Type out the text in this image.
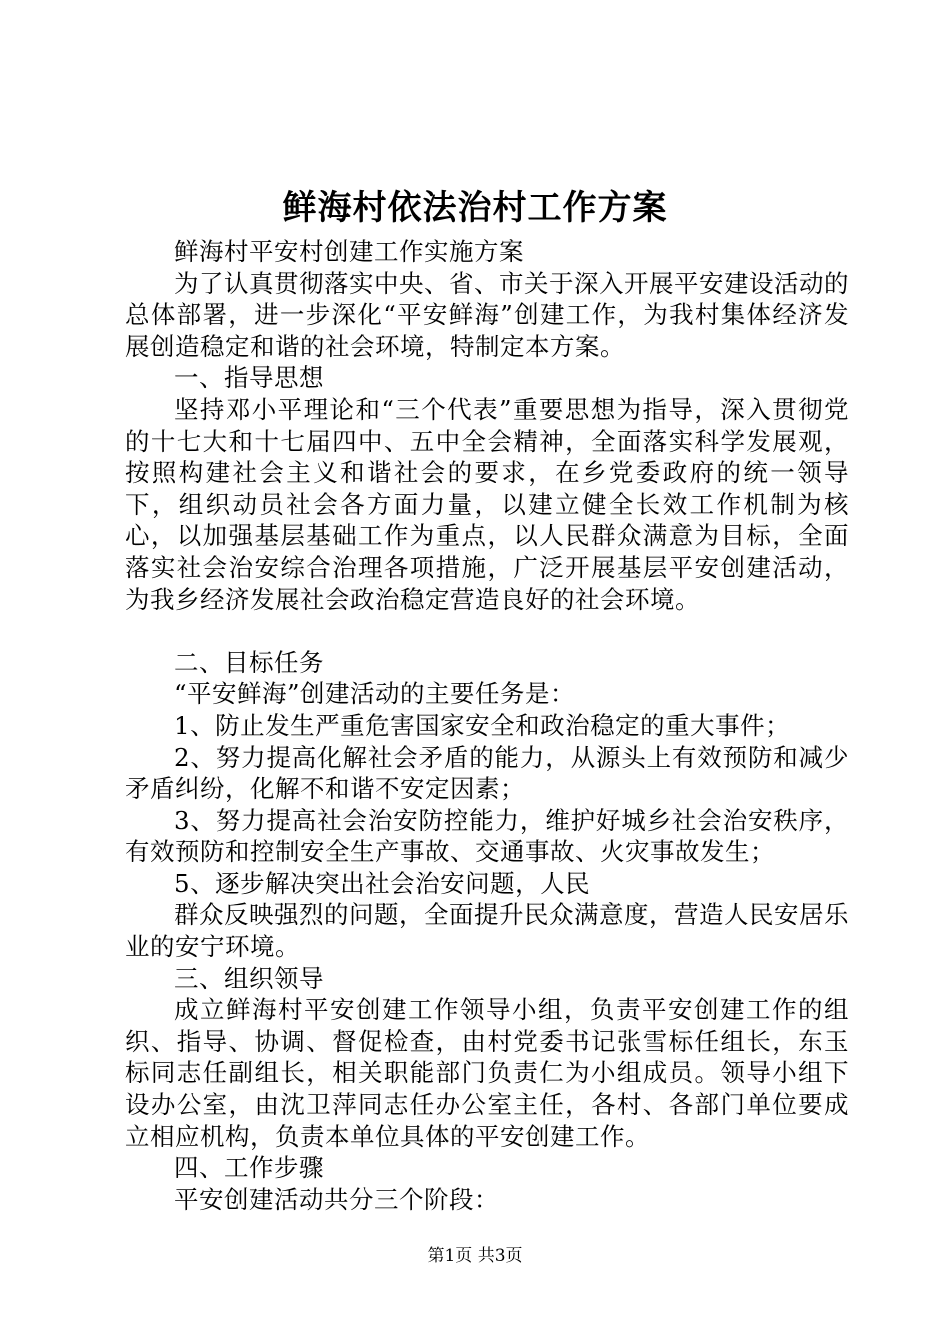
鲜海村依法治村工作方案

鲜海村平安村创建工作实施方案

为了认真贯彻落实中央、省、市关于深入开展平安建设活动的总体部署，进一步深化“平安鲜海”创建工作，为我村集体经济发展创造稳定和谐的社会环境，特制定本方案。

一、指导思想

坚持邓小平理论和“三个代表”重要思想为指导，深入贯彻党的十七大和十七届四中、五中全会精神，全面落实科学发展观，按照构建社会主义和谐社会的要求，在乡党委政府的统一领导下，组织动员社会各方面力量，以建立健全长效工作机制为核心，以加强基层基础工作为重点，以人民群众满意为目标，全面落实社会治安综合治理各项措施，广泛开展基层平安创建活动，为我乡经济发展社会政治稳定营造良好的社会环境。

二、目标任务

“平安鲜海”创建活动的主要任务是：

1、防止发生严重危害国家安全和政治稳定的重大事件；

2、努力提高化解社会矛盾的能力，从源头上有效预防和减少矛盾纠纷，化解不和谐不安定因素；

3、努力提高社会治安防控能力，维护好城乡社会治安秩序，有效预防和控制安全生产事故、交通事故、火灾事故发生；

5、逐步解决突出社会治安问题，人民

群众反映强烈的问题，全面提升民众满意度，营造人民安居乐业的安宁环境。

三、组织领导

成立鲜海村平安创建工作领导小组，负责平安创建工作的组织、指导、协调、督促检查，由村党委书记张雪标任组长，东玉标同志任副组长，相关职能部门负责仁为小组成员。领导小组下设办公室，由沈卫萍同志任办公室主任，各村、各部门单位要成立相应机构，负责本单位具体的平安创建工作。

四、工作步骤

平安创建活动共分三个阶段：

第1页 共3页
